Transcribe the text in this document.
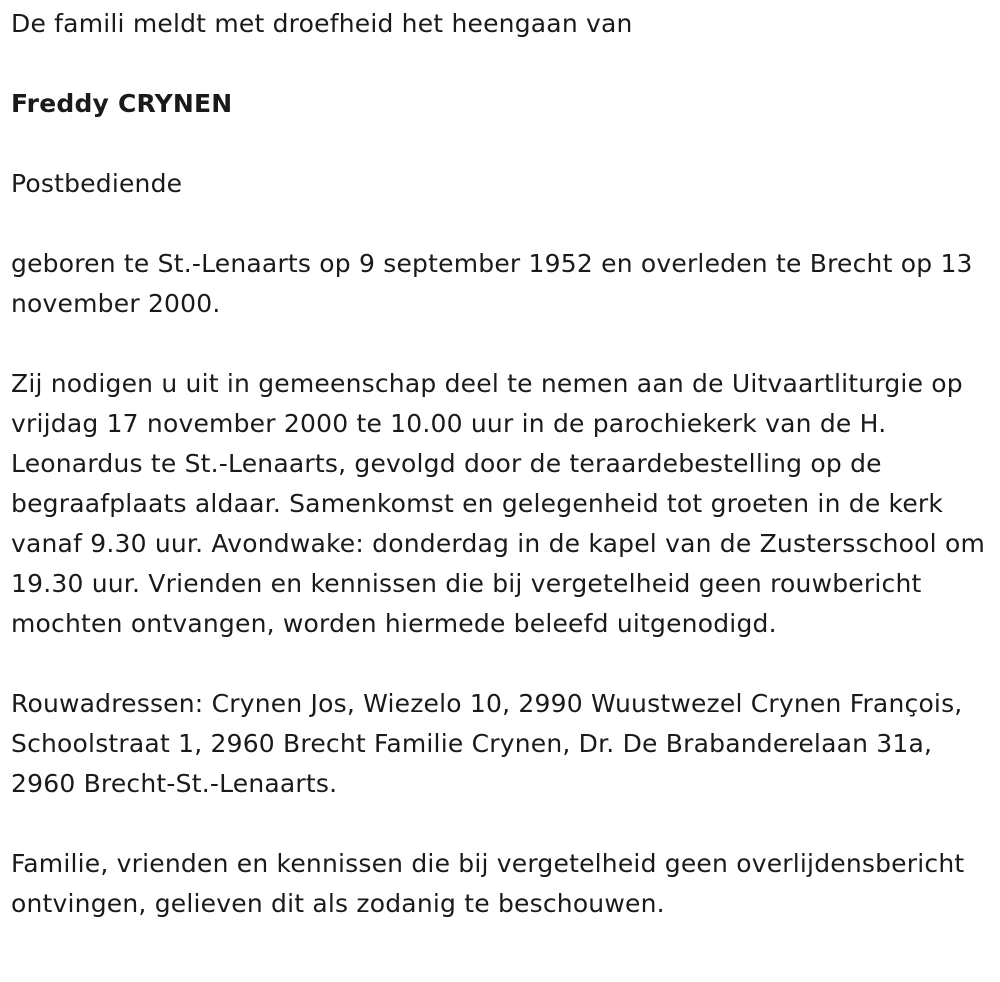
De famili meldt met droefheid het heengaan van

Freddy CRYNEN

Postbediende

geboren te St.-Lenaarts op 9 september 1952 en overleden te Brecht op 13 november 2000.

Zij nodigen u uit in gemeenschap deel te nemen aan de Uitvaartliturgie op vrijdag 17 november 2000 te 10.00 uur in de parochiekerk van de H. Leonardus te St.-Lenaarts, gevolgd door de teraardebestelling op de begraafplaats aldaar. Samenkomst en gelegenheid tot groeten in de kerk vanaf 9.30 uur. Avondwake: donderdag in de kapel van de Zustersschool om 19.30 uur. Vrienden en kennissen die bij vergetelheid geen rouwbericht mochten ontvangen, worden hiermede beleefd uitgenodigd.

Rouwadressen: Crynen Jos, Wiezelo 10, 2990 Wuustwezel Crynen François, Schoolstraat 1, 2960 Brecht Familie Crynen, Dr. De Brabanderelaan 31a, 2960 Brecht-St.-Lenaarts.

Familie, vrienden en kennissen die bij vergetelheid geen overlijdensbericht ontvingen, gelieven dit als zodanig te beschouwen.
